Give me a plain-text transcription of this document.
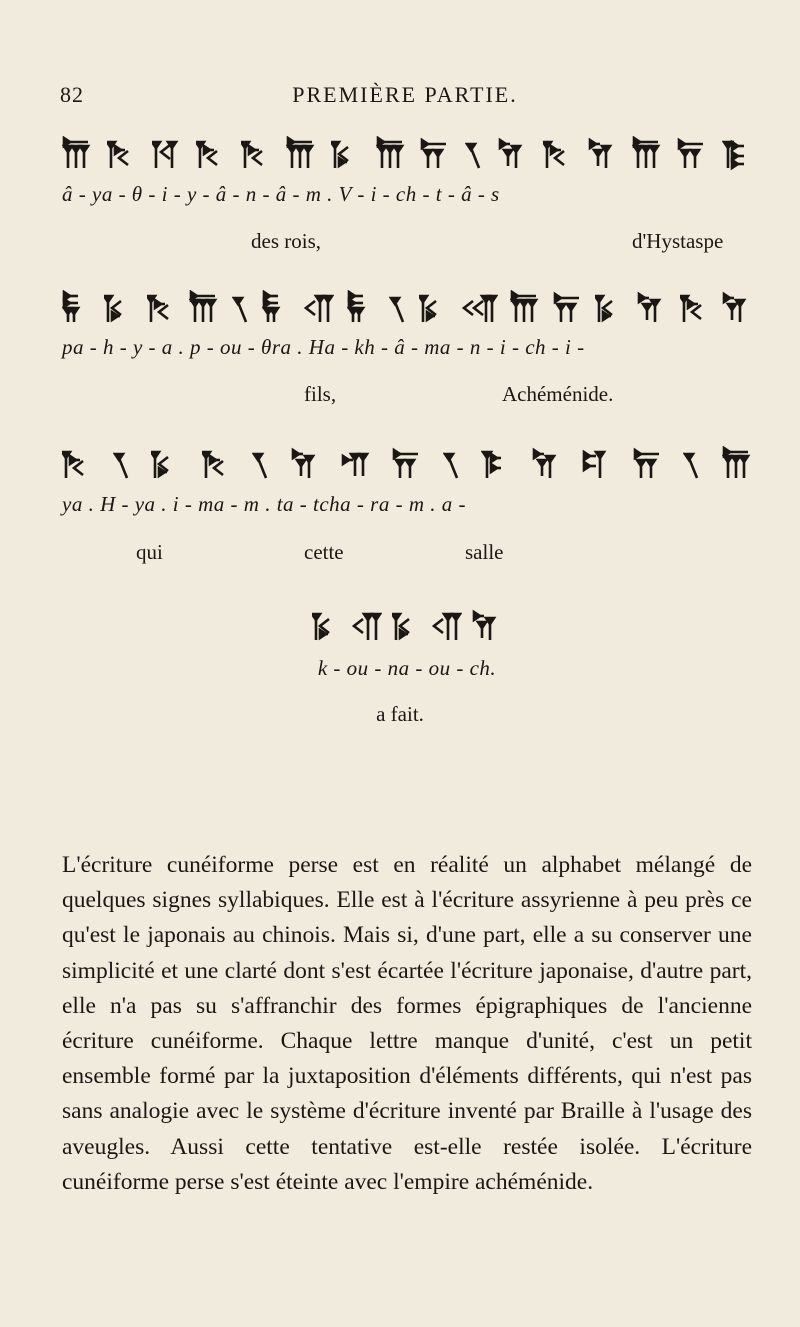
82	PREMIÈRE PARTIE.
â - ya - θ - i - y - â - n - â - m . V - i - ch - t - â - s
des rois,	d'Hystaspe
pa - h - y - a . p - ou - θra . Ha - kh - â - ma - n - i - ch - i -
fils,	Achéménide.
ya . H - ya . i - ma - m . ta - tcha - ra - m . a -
qui	cette	salle
k - ou - na - ou - ch.
a fait.
L'écriture cunéiforme perse est en réalité un alphabet mélangé de quelques signes syllabiques. Elle est à l'écriture assyrienne à peu près ce qu'est le japonais au chinois. Mais si, d'une part, elle a su conserver une simplicité et une clarté dont s'est écartée l'écriture japonaise, d'autre part, elle n'a pas su s'affranchir des formes épigraphiques de l'ancienne écriture cunéiforme. Chaque lettre manque d'unité, c'est un petit ensemble formé par la juxtaposition d'éléments différents, qui n'est pas sans analogie avec le système d'écriture inventé par Braille à l'usage des aveugles. Aussi cette tentative est-elle restée isolée. L'écriture cunéiforme perse s'est éteinte avec l'empire achéménide.
